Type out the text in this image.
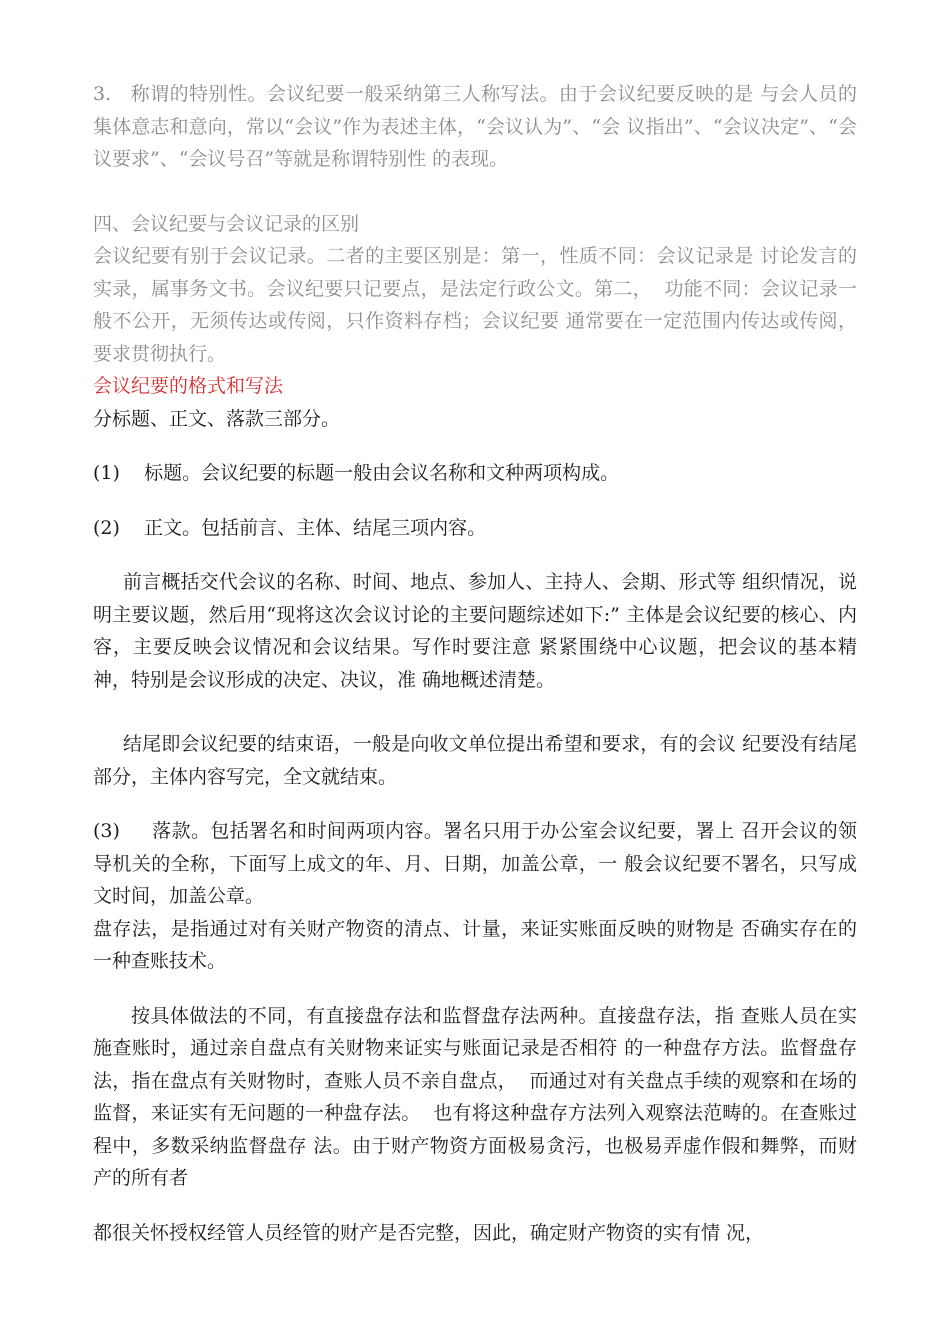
3.   称谓的特别性。会议纪要一般采纳第三人称写法。由于会议纪要反映的是 与会人员的集体意志和意向，常以“会议”作为表述主体，“会议认为”、“会 议指出”、“会议决定”、“会议要求”、“会议号召”等就是称谓特别性 的表现。

四、会议纪要与会议记录的区别

会议纪要有别于会议记录。二者的主要区别是：第一，性质不同：会议记录是 讨论发言的实录，属事务文书。会议纪要只记要点，是法定行政公文。第二，  功能不同：会议记录一般不公开，无须传达或传阅，只作资料存档；会议纪要 通常要在一定范围内传达或传阅，要求贯彻执行。

会议纪要的格式和写法

分标题、正文、落款三部分。

(1)    标题。会议纪要的标题一般由会议名称和文种两项构成。

(2)    正文。包括前言、主体、结尾三项内容。

前言概括交代会议的名称、时间、地点、参加人、主持人、会期、形式等 组织情况，说明主要议题，然后用“现将这次会议讨论的主要问题综述如下:” 主体是会议纪要的核心、内容，主要反映会议情况和会议结果。写作时要注意 紧紧围绕中心议题，把会议的基本精神，特别是会议形成的决定、决议，准 确地概述清楚。

结尾即会议纪要的结束语，一般是向收文单位提出希望和要求，有的会议 纪要没有结尾部分，主体内容写完，全文就结束。

(3)     落款。包括署名和时间两项内容。署名只用于办公室会议纪要，署上 召开会议的领导机关的全称，下面写上成文的年、月、日期，加盖公章，一 般会议纪要不署名，只写成文时间，加盖公章。

盘存法，是指通过对有关财产物资的清点、计量，来证实账面反映的财物是 否确实存在的一种查账技术。

按具体做法的不同，有直接盘存法和监督盘存法两种。直接盘存法，指 查账人员在实施查账时，通过亲自盘点有关财物来证实与账面记录是否相符 的一种盘存方法。监督盘存法，指在盘点有关财物时，查账人员不亲自盘点，  而通过对有关盘点手续的观察和在场的监督，来证实有无问题的一种盘存法。  也有将这种盘存方法列入观察法范畴的。在查账过程中，多数采纳监督盘存 法。由于财产物资方面极易贪污，也极易弄虚作假和舞弊，而财产的所有者

都很关怀授权经管人员经管的财产是否完整，因此，确定财产物资的实有情 况，
